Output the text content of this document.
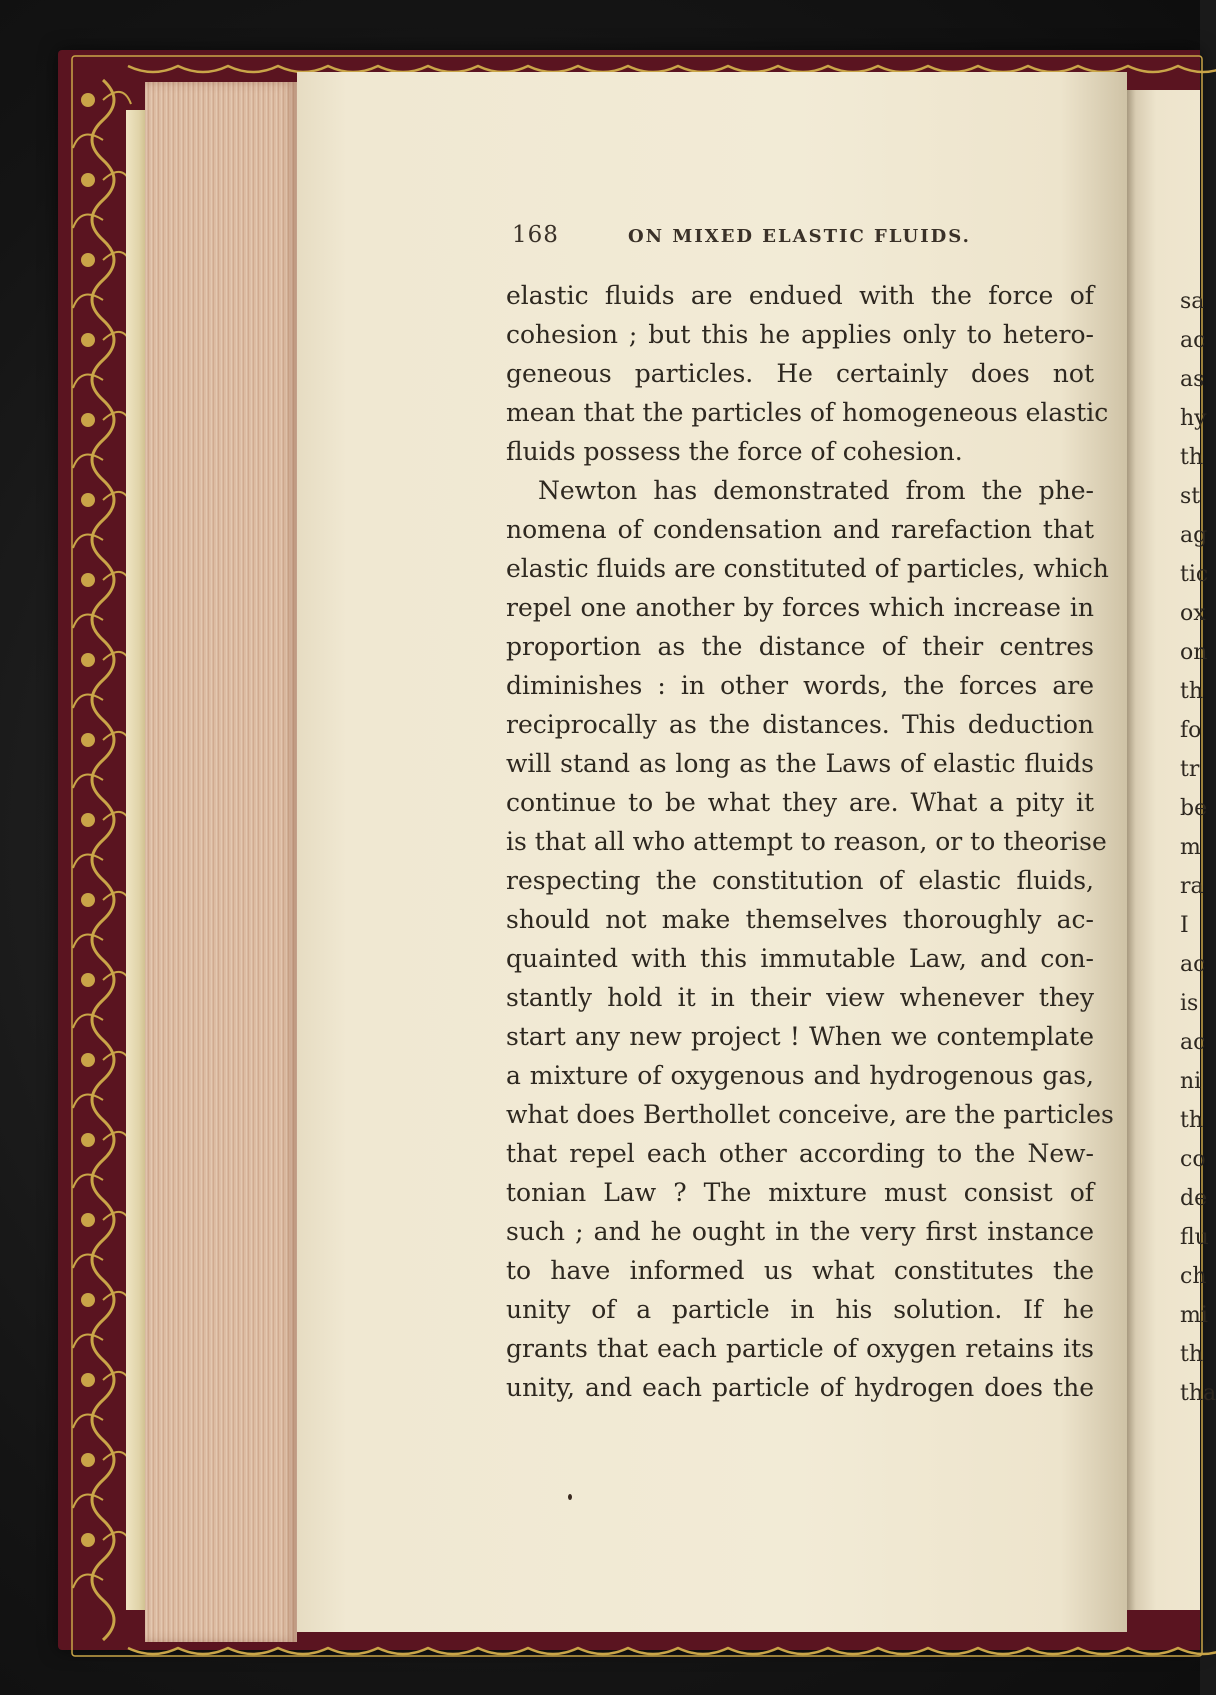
168	ON MIXED ELASTIC FLUIDS.
elastic fluids are endued with the force of
cohesion ; but this he applies only to hetero-
geneous particles. He certainly does not
mean that the particles of homogeneous elastic
fluids possess the force of cohesion.
Newton has demonstrated from the phe-
nomena of condensation and rarefaction that
elastic fluids are constituted of particles, which
repel one another by forces which increase in
proportion as the distance of their centres
diminishes : in other words, the forces are
reciprocally as the distances. This deduction
will stand as long as the Laws of elastic fluids
continue to be what they are. What a pity it
is that all who attempt to reason, or to theorise
respecting the constitution of elastic fluids,
should not make themselves thoroughly ac-
quainted with this immutable Law, and con-
stantly hold it in their view whenever they
start any new project ! When we contemplate
a mixture of oxygenous and hydrogenous gas,
what does Berthollet conceive, are the particles
that repel each other according to the New-
tonian Law ? The mixture must consist of
such ; and he ought in the very first instance
to have informed us what constitutes the
unity of a particle in his solution. If he
grants that each particle of oxygen retains its
unity, and each particle of hydrogen does the
sa
ac
as
hy
th
st
ag
tic
ox
on
th
fo
tr
be
m
ra
I
ac
is
ac
ni
th
co
de
flu
ch
mi
th
tha
